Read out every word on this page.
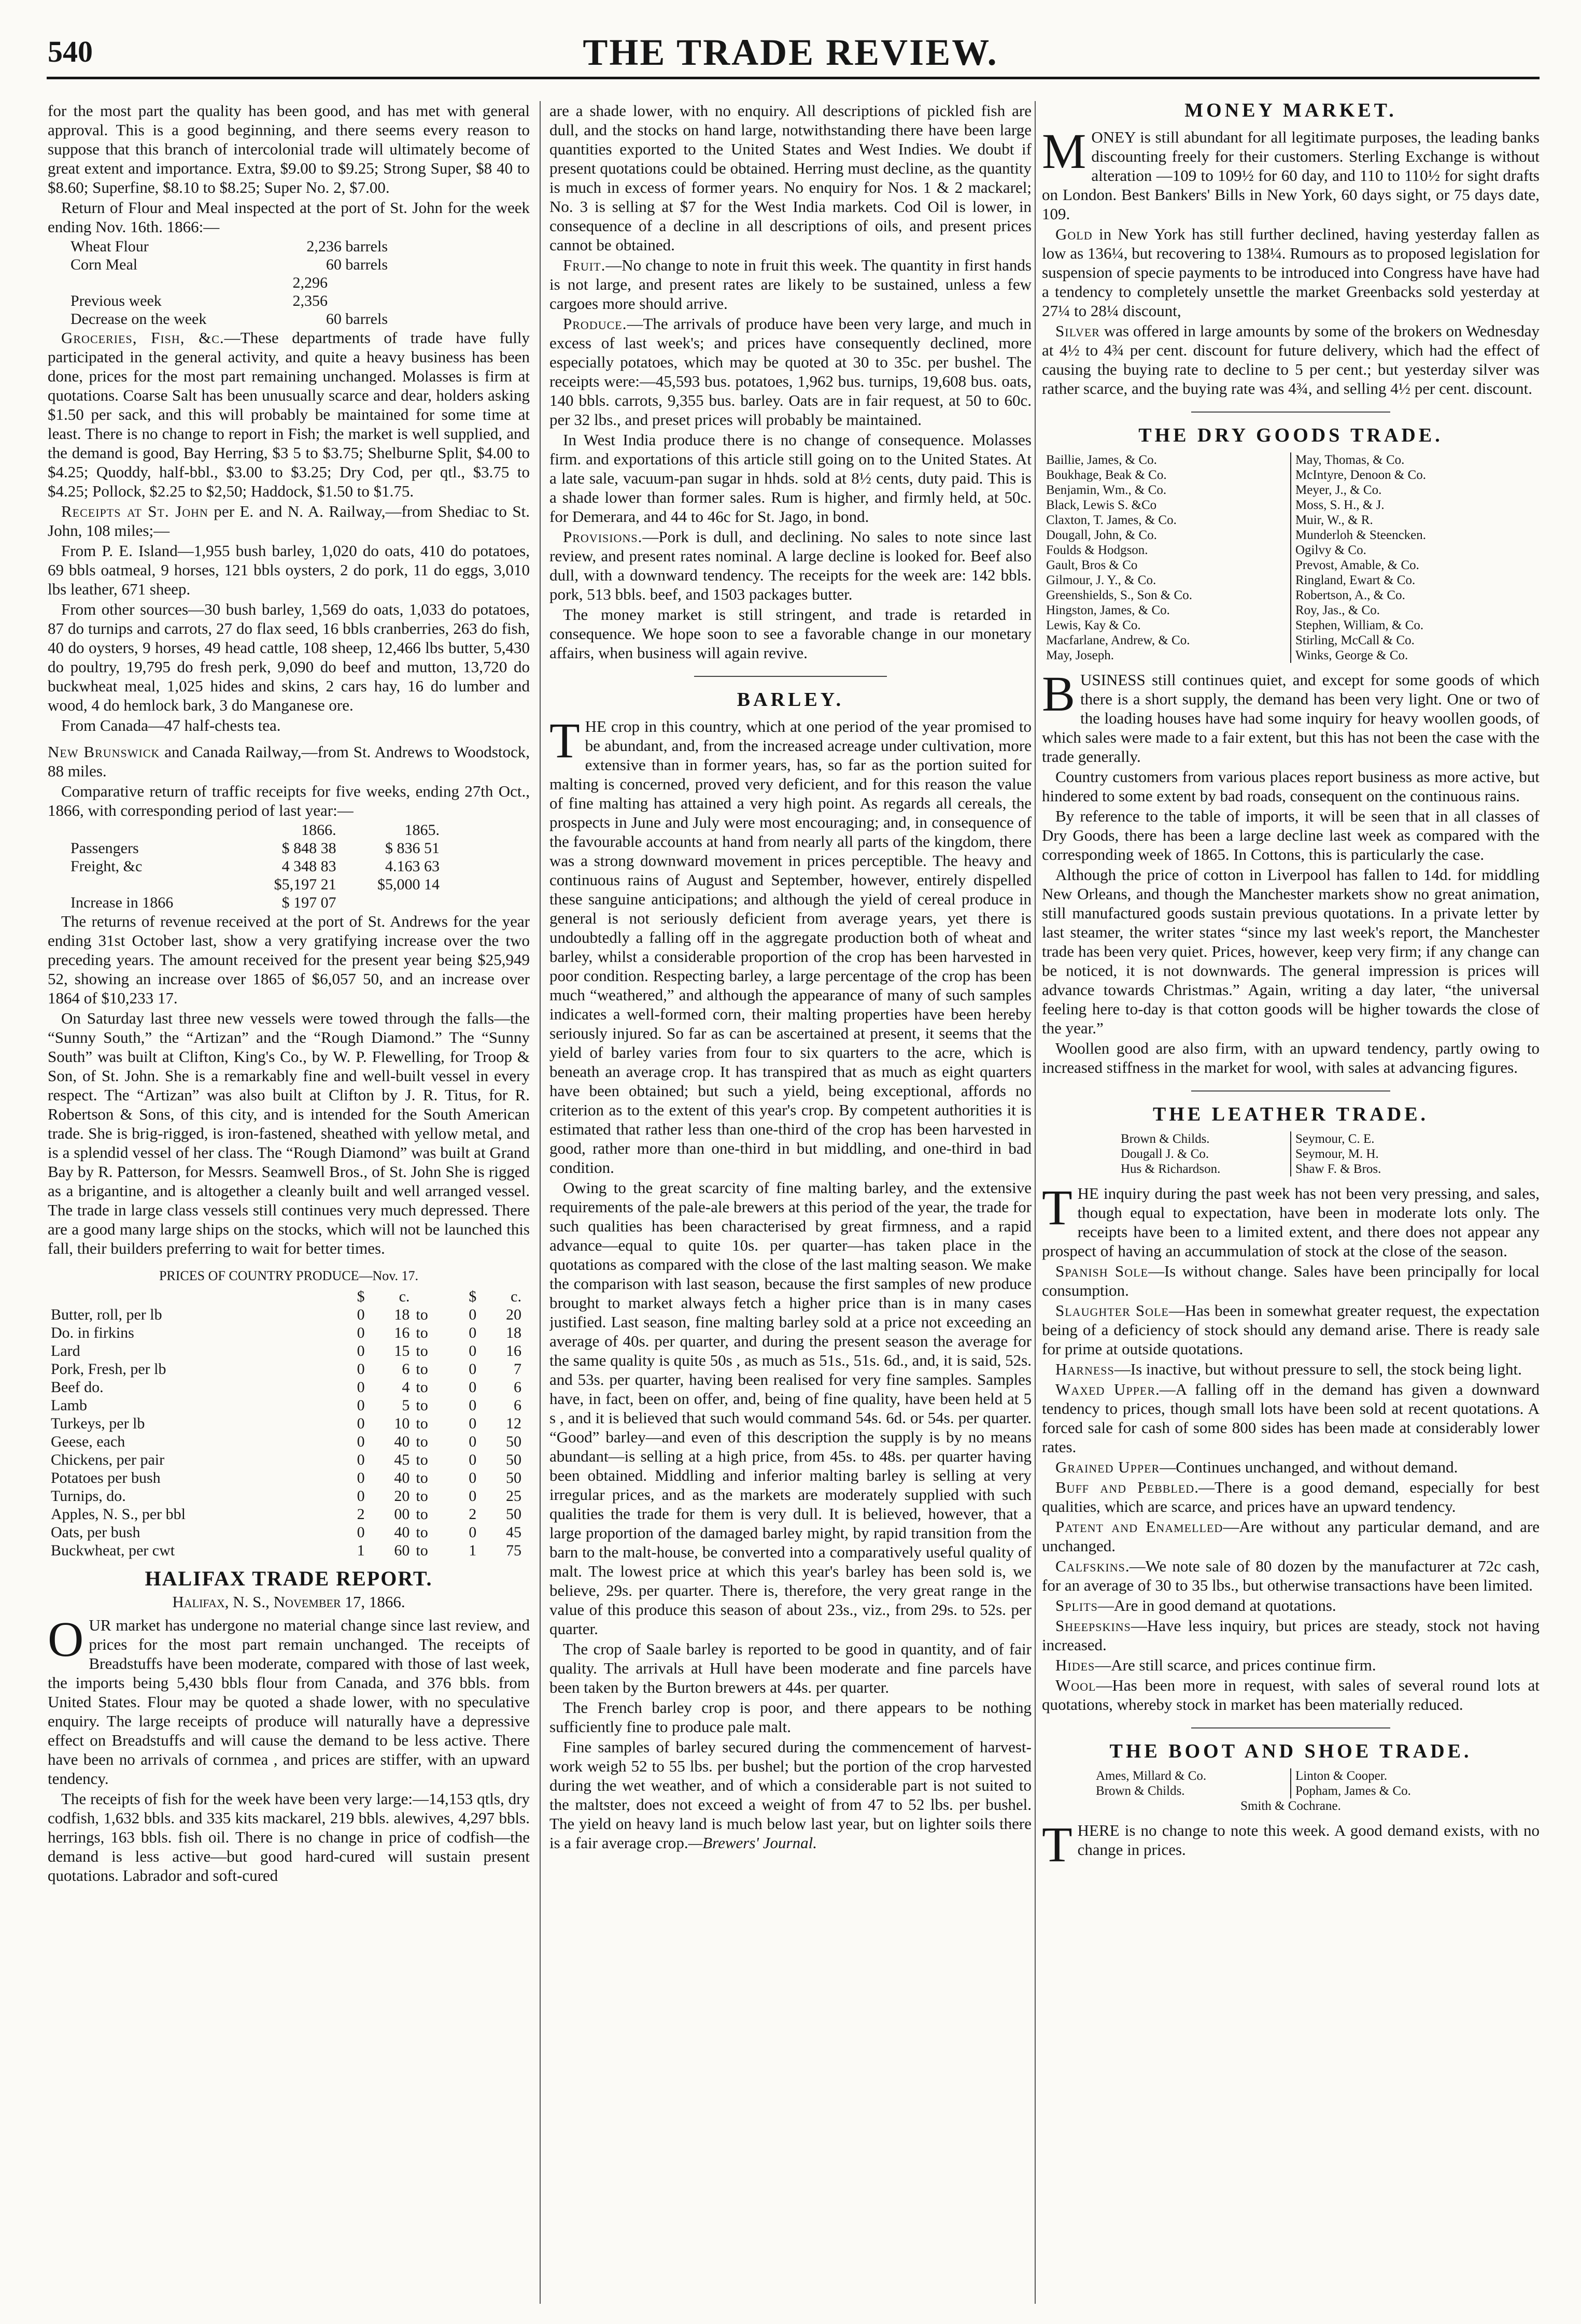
540	THE TRADE REVIEW.

for the most part the quality has been good, and has met with general approval. This is a good beginning, and there seems every reason to suppose that this branch of intercolonial trade will ultimately become of great extent and importance. Extra, $9.00 to $9.25; Strong Super, $8 40 to $8.60; Superfine, $8.10 to $8.25; Super No. 2, $7.00.

Return of Flour and Meal inspected at the port of St. John for the week ending Nov. 16th. 1866:—

Wheat Flour	2,236 barrels
Corn Meal	60 barrels
	2,296
Previous week	2,356
Decrease on the week	60 barrels

Groceries, Fish, &c.—These departments of trade have fully participated in the general activity, and quite a heavy business has been done, prices for the most part remaining unchanged. Molasses is firm at quotations. Coarse Salt has been unusually scarce and dear, holders asking $1.50 per sack, and this will probably be maintained for some time at least. There is no change to report in Fish; the market is well supplied, and the demand is good, Bay Herring, $3 5 to $3.75; Shelburne Split, $4.00 to $4.25; Quoddy, half-bbl., $3.00 to $3.25; Dry Cod, per qtl., $3.75 to $4.25; Pollock, $2.25 to $2,50; Haddock, $1.50 to $1.75.

Receipts at St. John per E. and N. A. Railway,—from Shediac to St. John, 108 miles;—

From P. E. Island—1,955 bush barley, 1,020 do oats, 410 do potatoes, 69 bbls oatmeal, 9 horses, 121 bbls oysters, 2 do pork, 11 do eggs, 3,010 lbs leather, 671 sheep.

From other sources—30 bush barley, 1,569 do oats, 1,033 do potatoes, 87 do turnips and carrots, 27 do flax seed, 16 bbls cranberries, 263 do fish, 40 do oysters, 9 horses, 49 head cattle, 108 sheep, 12,466 lbs butter, 5,430 do poultry, 19,795 do fresh perk, 9,090 do beef and mutton, 13,720 do buckwheat meal, 1,025 hides and skins, 2 cars hay, 16 do lumber and wood, 4 do hemlock bark, 3 do Manganese ore.

From Canada—47 half-chests tea.

New Brunswick and Canada Railway,—from St. Andrews to Woodstock, 88 miles.

Comparative return of traffic receipts for five weeks, ending 27th Oct., 1866, with corresponding period of last year:—

	1866.	1865.
Passengers	$ 848 38	$ 836 51
Freight, &c	4 348 83	4.163 63
	$5,197 21	$5,000 14
Increase in 1866	$ 197 07	

The returns of revenue received at the port of St. Andrews for the year ending 31st October last, show a very gratifying increase over the two preceding years. The amount received for the present year being $25,949 52, showing an increase over 1865 of $6,057 50, and an increase over 1864 of $10,233 17.

On Saturday last three new vessels were towed through the falls—the “Sunny South,” the “Artizan” and the “Rough Diamond.” The “Sunny South” was built at Clifton, King's Co., by W. P. Flewelling, for Troop & Son, of St. John. She is a remarkably fine and well-built vessel in every respect. The “Artizan” was also built at Clifton by J. R. Titus, for R. Robertson & Sons, of this city, and is intended for the South American trade. She is brig-rigged, is iron-fastened, sheathed with yellow metal, and is a splendid vessel of her class. The “Rough Diamond” was built at Grand Bay by R. Patterson, for Messrs. Seamwell Bros., of St. John She is rigged as a brigantine, and is altogether a cleanly built and well arranged vessel. The trade in large class vessels still continues very much depressed. There are a good many large ships on the stocks, which will not be launched this fall, their builders preferring to wait for better times.

PRICES OF COUNTRY PRODUCE—Nov. 17.
	$	c.		$	c.
Butter, roll, per lb	0	18	to	0	20
Do. in firkins	0	16	to	0	18
Lard	0	15	to	0	16
Pork, Fresh, per lb	0	6	to	0	7
Beef do.	0	4	to	0	6
Lamb	0	5	to	0	6
Turkeys, per lb	0	10	to	0	12
Geese, each	0	40	to	0	50
Chickens, per pair	0	45	to	0	50
Potatoes per bush	0	40	to	0	50
Turnips, do.	0	20	to	0	25
Apples, N. S., per bbl	2	00	to	2	50
Oats, per bush	0	40	to	0	45
Buckwheat, per cwt	1	60	to	1	75
HALIFAX TRADE REPORT.
Halifax, N. S., November 17, 1866.

OUR market has undergone no material change since last review, and prices for the most part remain unchanged. The receipts of Breadstuffs have been moderate, compared with those of last week, the imports being 5,430 bbls flour from Canada, and 376 bbls. from United States. Flour may be quoted a shade lower, with no speculative enquiry. The large receipts of produce will naturally have a depressive effect on Breadstuffs and will cause the demand to be less active. There have been no arrivals of cornmea , and prices are stiffer, with an upward tendency.

The receipts of fish for the week have been very large:—14,153 qtls, dry codfish, 1,632 bbls. and 335 kits mackarel, 219 bbls. alewives, 4,297 bbls. herrings, 163 bbls. fish oil. There is no change in price of codfish—the demand is less active—but good hard-cured will sustain present quotations. Labrador and soft-cured

are a shade lower, with no enquiry. All descriptions of pickled fish are dull, and the stocks on hand large, notwithstanding there have been large quantities exported to the United States and West Indies. We doubt if present quotations could be obtained. Herring must decline, as the quantity is much in excess of former years. No enquiry for Nos. 1 & 2 mackarel; No. 3 is selling at $7 for the West India markets. Cod Oil is lower, in consequence of a decline in all descriptions of oils, and present prices cannot be obtained.

Fruit.—No change to note in fruit this week. The quantity in first hands is not large, and present rates are likely to be sustained, unless a few cargoes more should arrive.

Produce.—The arrivals of produce have been very large, and much in excess of last week's; and prices have consequently declined, more especially potatoes, which may be quoted at 30 to 35c. per bushel. The receipts were:—45,593 bus. potatoes, 1,962 bus. turnips, 19,608 bus. oats, 140 bbls. carrots, 9,355 bus. barley. Oats are in fair request, at 50 to 60c. per 32 lbs., and preset prices will probably be maintained.

In West India produce there is no change of consequence. Molasses firm. and exportations of this article still going on to the United States. At a late sale, vacuum-pan sugar in hhds. sold at 8½ cents, duty paid. This is a shade lower than former sales. Rum is higher, and firmly held, at 50c. for Demerara, and 44 to 46c for St. Jago, in bond.

Provisions.—Pork is dull, and declining. No sales to note since last review, and present rates nominal. A large decline is looked for. Beef also dull, with a downward tendency. The receipts for the week are: 142 bbls. pork, 513 bbls. beef, and 1503 packages butter.

The money market is still stringent, and trade is retarded in consequence. We hope soon to see a favorable change in our monetary affairs, when business will again revive.

BARLEY.

THE crop in this country, which at one period of the year promised to be abundant, and, from the increased acreage under cultivation, more extensive than in former years, has, so far as the portion suited for malting is concerned, proved very deficient, and for this reason the value of fine malting has attained a very high point. As regards all cereals, the prospects in June and July were most encouraging; and, in consequence of the favourable accounts at hand from nearly all parts of the kingdom, there was a strong downward movement in prices perceptible. The heavy and continuous rains of August and September, however, entirely dispelled these sanguine anticipations; and although the yield of cereal produce in general is not seriously deficient from average years, yet there is undoubtedly a falling off in the aggregate production both of wheat and barley, whilst a considerable proportion of the crop has been harvested in poor condition. Respecting barley, a large percentage of the crop has been much “weathered,” and although the appearance of many of such samples indicates a well-formed corn, their malting properties have been hereby seriously injured. So far as can be ascertained at present, it seems that the yield of barley varies from four to six quarters to the acre, which is beneath an average crop. It has transpired that as much as eight quarters have been obtained; but such a yield, being exceptional, affords no criterion as to the extent of this year's crop. By competent authorities it is estimated that rather less than one-third of the crop has been harvested in good, rather more than one-third in but middling, and one-third in bad condition.

Owing to the great scarcity of fine malting barley, and the extensive requirements of the pale-ale brewers at this period of the year, the trade for such qualities has been characterised by great firmness, and a rapid advance—equal to quite 10s. per quarter—has taken place in the quotations as compared with the close of the last malting season. We make the comparison with last season, because the first samples of new produce brought to market always fetch a higher price than is in many cases justified. Last season, fine malting barley sold at a price not exceeding an average of 40s. per quarter, and during the present season the average for the same quality is quite 50s , as much as 51s., 51s. 6d., and, it is said, 52s. and 53s. per quarter, having been realised for very fine samples. Samples have, in fact, been on offer, and, being of fine quality, have been held at 5 s , and it is believed that such would command 54s. 6d. or 54s. per quarter. “Good” barley—and even of this description the supply is by no means abundant—is selling at a high price, from 45s. to 48s. per quarter having been obtained. Middling and inferior malting barley is selling at very irregular prices, and as the markets are moderately supplied with such qualities the trade for them is very dull. It is believed, however, that a large proportion of the damaged barley might, by rapid transition from the barn to the malt-house, be converted into a comparatively useful quality of malt. The lowest price at which this year's barley has been sold is, we believe, 29s. per quarter. There is, therefore, the very great range in the value of this produce this season of about 23s., viz., from 29s. to 52s. per quarter.

The crop of Saale barley is reported to be good in quantity, and of fair quality. The arrivals at Hull have been moderate and fine parcels have been taken by the Burton brewers at 44s. per quarter.

The French barley crop is poor, and there appears to be nothing sufficiently fine to produce pale malt.

Fine samples of barley secured during the commencement of harvest-work weigh 52 to 55 lbs. per bushel; but the portion of the crop harvested during the wet weather, and of which a considerable part is not suited to the maltster, does not exceed a weight of from 47 to 52 lbs. per bushel. The yield on heavy land is much below last year, but on lighter soils there is a fair average crop.—Brewers' Journal.

MONEY MARKET.

MONEY is still abundant for all legitimate purposes, the leading banks discounting freely for their customers. Sterling Exchange is without alteration —109 to 109½ for 60 day, and 110 to 110½ for sight drafts on London. Best Bankers' Bills in New York, 60 days sight, or 75 days date, 109.

Gold in New York has still further declined, having yesterday fallen as low as 136¼, but recovering to 138¼. Rumours as to proposed legislation for suspension of specie payments to be introduced into Congress have have had a tendency to completely unsettle the market Greenbacks sold yesterday at 27¼ to 28¼ discount,

Silver was offered in large amounts by some of the brokers on Wednesday at 4½ to 4¾ per cent. discount for future delivery, which had the effect of causing the buying rate to decline to 5 per cent.; but yesterday silver was rather scarce, and the buying rate was 4¾, and selling 4½ per cent. discount.

THE DRY GOODS TRADE.
Baillie, James, & Co.	May, Thomas, & Co.
Boukhage, Beak & Co.	McIntyre, Denoon & Co.
Benjamin, Wm., & Co.	Meyer, J., & Co.
Black, Lewis S. &Co	Moss, S. H., & J.
Claxton, T. James, & Co.	Muir, W., & R.
Dougall, John, & Co.	Munderloh & Steencken.
Foulds & Hodgson.	Ogilvy & Co.
Gault, Bros & Co	Prevost, Amable, & Co.
Gilmour, J. Y., & Co.	Ringland, Ewart & Co.
Greenshields, S., Son & Co.	Robertson, A., & Co.
Hingston, James, & Co.	Roy, Jas., & Co.
Lewis, Kay & Co.	Stephen, William, & Co.
Macfarlane, Andrew, & Co.	Stirling, McCall & Co.
May, Joseph.	Winks, George & Co.

BUSINESS still continues quiet, and except for some goods of which there is a short supply, the demand has been very light. One or two of the loading houses have had some inquiry for heavy woollen goods, of which sales were made to a fair extent, but this has not been the case with the trade generally.

Country customers from various places report business as more active, but hindered to some extent by bad roads, consequent on the continuous rains.

By reference to the table of imports, it will be seen that in all classes of Dry Goods, there has been a large decline last week as compared with the corresponding week of 1865. In Cottons, this is particularly the case.

Although the price of cotton in Liverpool has fallen to 14d. for middling New Orleans, and though the Manchester markets show no great animation, still manufactured goods sustain previous quotations. In a private letter by last steamer, the writer states “since my last week's report, the Manchester trade has been very quiet. Prices, however, keep very firm; if any change can be noticed, it is not downwards. The general impression is prices will advance towards Christmas.” Again, writing a day later, “the universal feeling here to-day is that cotton goods will be higher towards the close of the year.”

Woollen good are also firm, with an upward tendency, partly owing to increased stiffness in the market for wool, with sales at advancing figures.

THE LEATHER TRADE.
Brown & Childs.	Seymour, C. E.
Dougall J. & Co.	Seymour, M. H.
Hus & Richardson.	Shaw F. & Bros.

THE inquiry during the past week has not been very pressing, and sales, though equal to expectation, have been in moderate lots only. The receipts have been to a limited extent, and there does not appear any prospect of having an accummulation of stock at the close of the season.

Spanish Sole—Is without change. Sales have been principally for local consumption.

Slaughter Sole—Has been in somewhat greater request, the expectation being of a deficiency of stock should any demand arise. There is ready sale for prime at outside quotations.

Harness—Is inactive, but without pressure to sell, the stock being light.

Waxed Upper.—A falling off in the demand has given a downward tendency to prices, though small lots have been sold at recent quotations. A forced sale for cash of some 800 sides has been made at considerably lower rates.

Grained Upper—Continues unchanged, and without demand.

Buff and Pebbled.—There is a good demand, especially for best qualities, which are scarce, and prices have an upward tendency.

Patent and Enamelled—Are without any particular demand, and are unchanged.

Calfskins.—We note sale of 80 dozen by the manufacturer at 72c cash, for an average of 30 to 35 lbs., but otherwise transactions have been limited.

Splits—Are in good demand at quotations.

Sheepskins—Have less inquiry, but prices are steady, stock not having increased.

Hides—Are still scarce, and prices continue firm.

Wool—Has been more in request, with sales of several round lots at quotations, whereby stock in market has been materially reduced.

THE BOOT AND SHOE TRADE.
Ames, Millard & Co.	Linton & Cooper.
Brown & Childs.	Popham, James & Co.
Smith & Cochrane.

THERE is no change to note this week. A good demand exists, with no change in prices.
